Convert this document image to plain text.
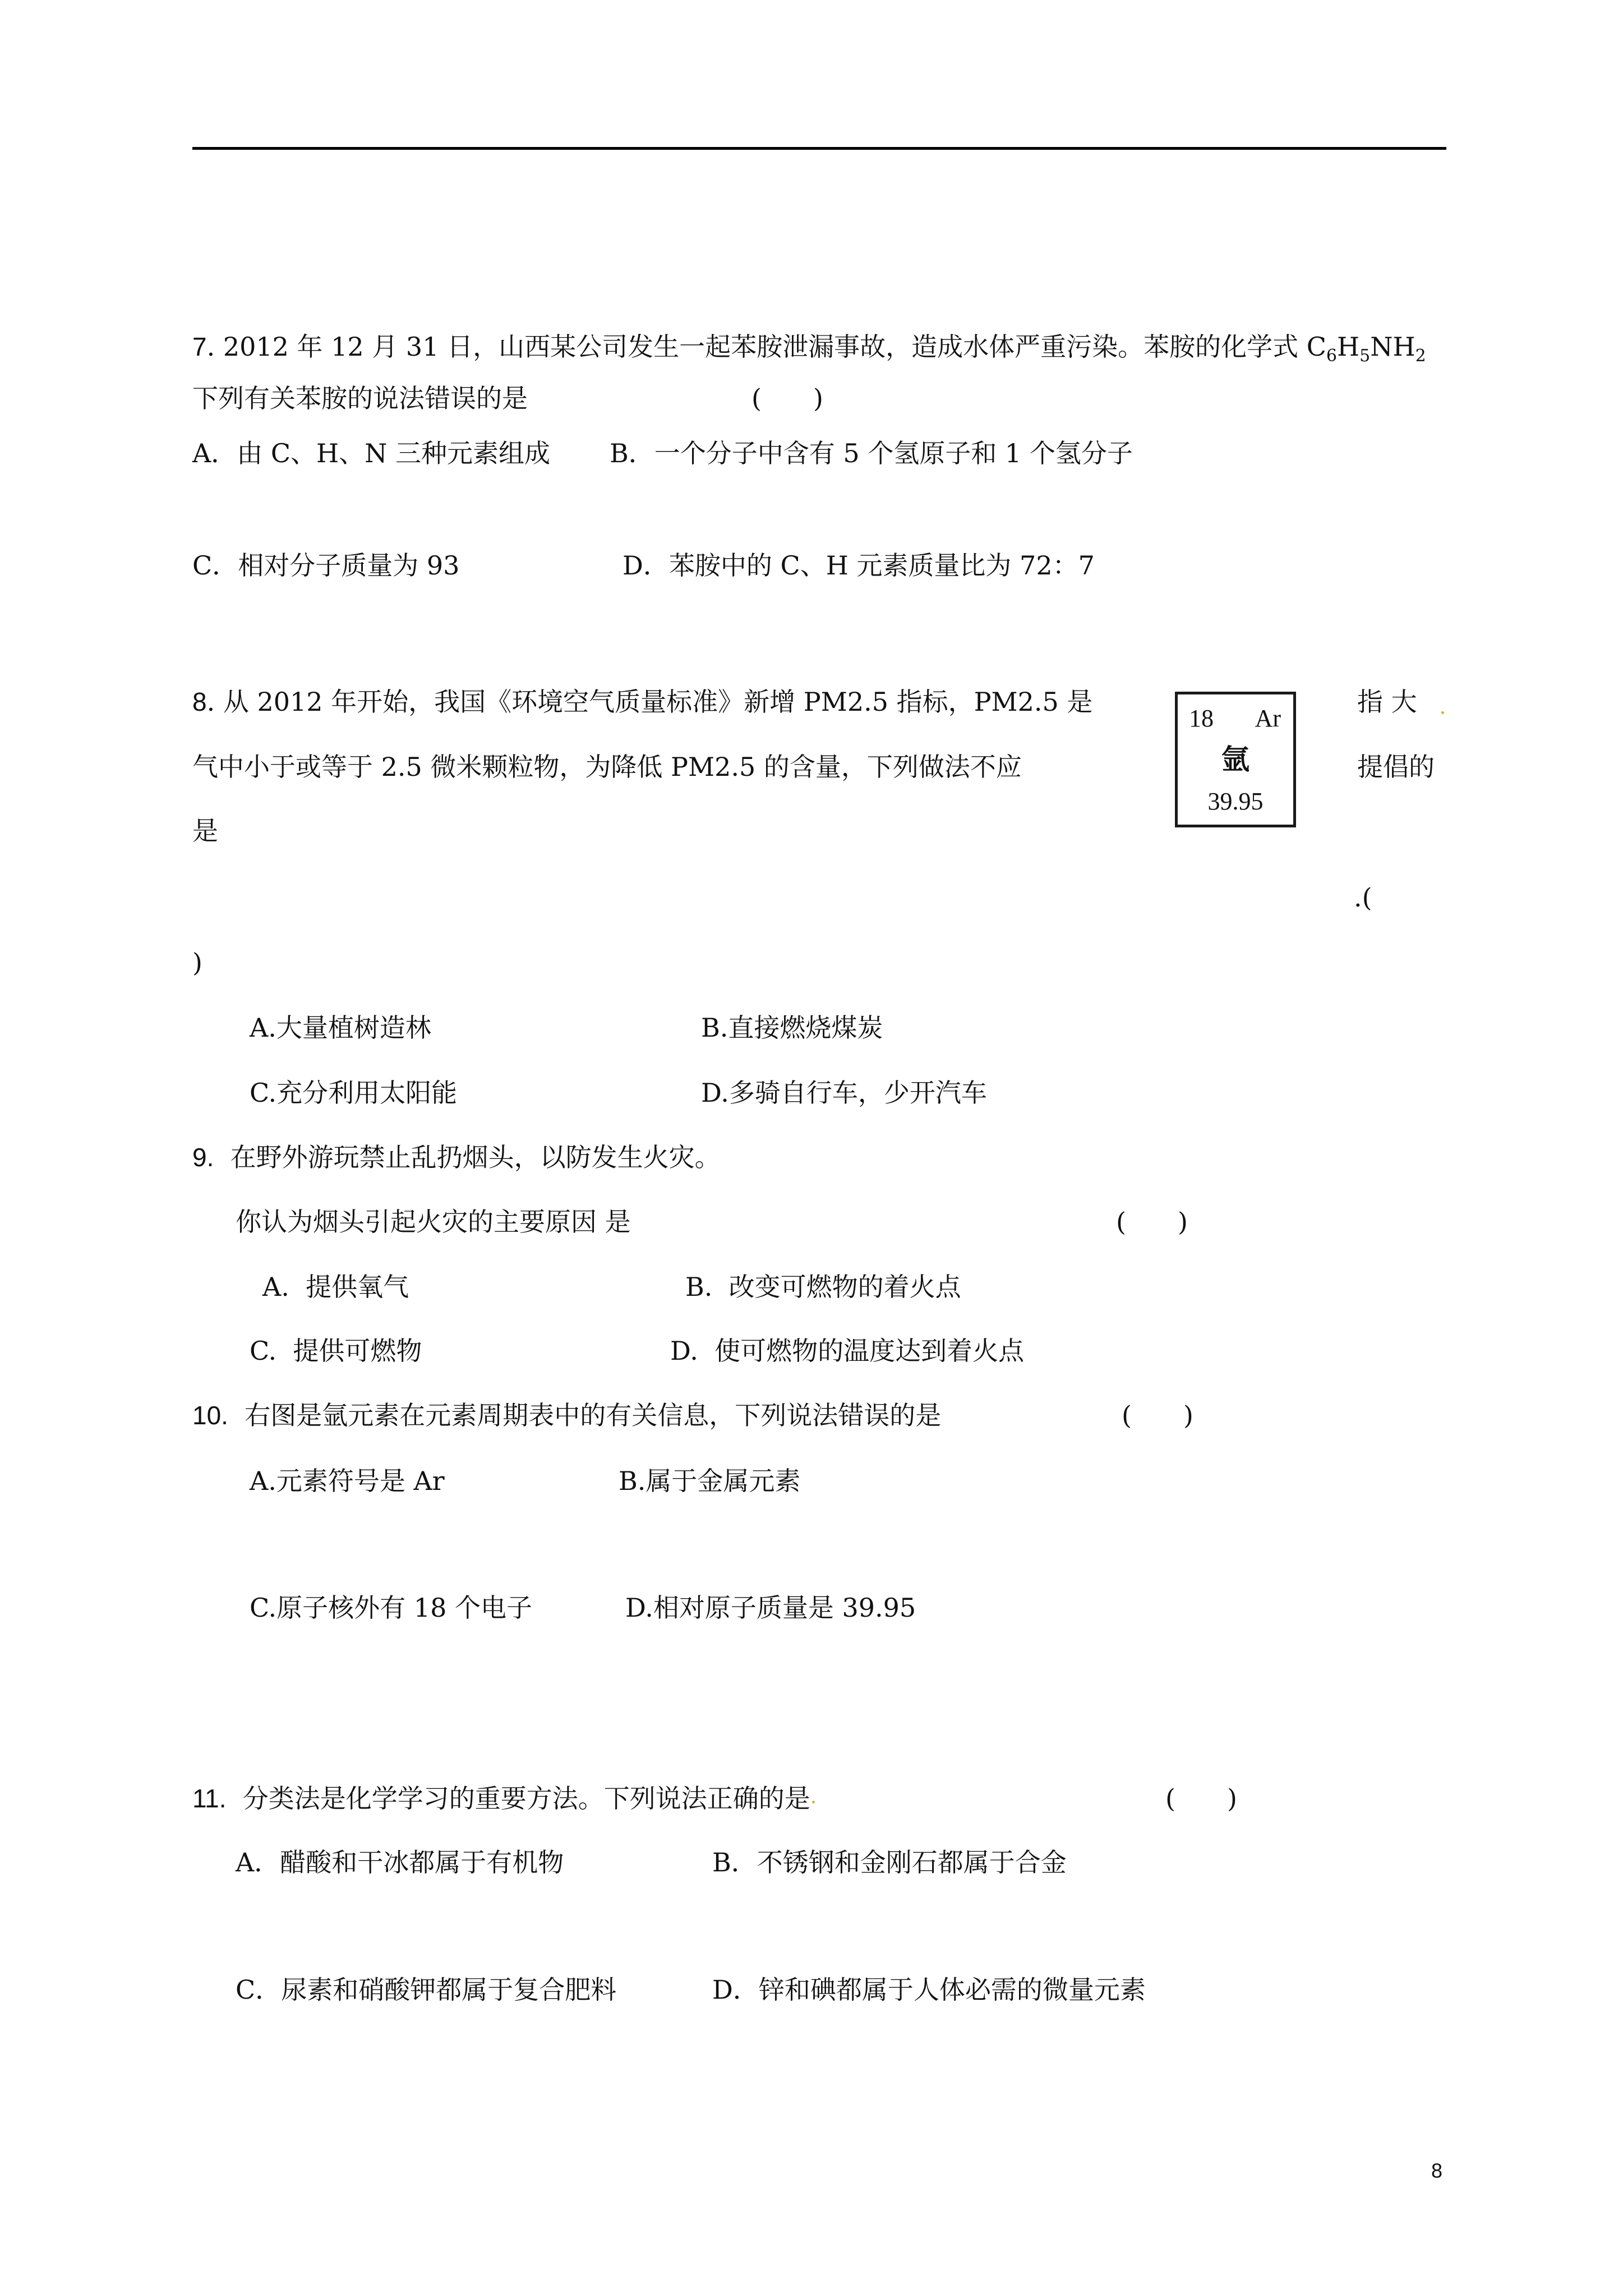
7. 2012 年 12 月 31 日，山西某公司发生一起苯胺泄漏事故，造成水体严重污染。苯胺的化学式 $C_6H_5NH_2$
下列有关苯胺的说法错误的是	(　　)
A．由 C、H、N 三种元素组成 B．一个分子中含有 5 个氢原子和 1 个氢分子
C．相对分子质量为 93	D．苯胺中的 C、H 元素质量比为 72：7
8. 从 2012 年开始，我国《环境空气质量标准》新增 PM2.5 指标，PM2.5 是	指 大
气中小于或等于 2.5 微米颗粒物，为降低 PM2.5 的含量，下列做法不应	提倡的
是
.(
)
A.大量植树造林	B.直接燃烧煤炭
C.充分利用太阳能	D.多骑自行车，少开汽车
18 Ar
氩
39.95
9. 在野外游玩禁止乱扔烟头，以防发生火灾。
你认为烟头引起火灾的主要原因 是	(　　)
A.  提供氧气	B.  改变可燃物的着火点
C.  提供可燃物	D.  使可燃物的温度达到着火点
10. 右图是氩元素在元素周期表中的有关信息，下列说法错误的是	(　　)
A.元素符号是 Ar	B.属于金属元素
C.原子核外有 18 个电子	D.相对原子质量是 39.95
11. 分类法是化学学习的重要方法。下列说法正确的是	(　　)
A．醋酸和干冰都属于有机物	B．不锈钢和金刚石都属于合金
C．尿素和硝酸钾都属于复合肥料	D．锌和碘都属于人体必需的微量元素
8
